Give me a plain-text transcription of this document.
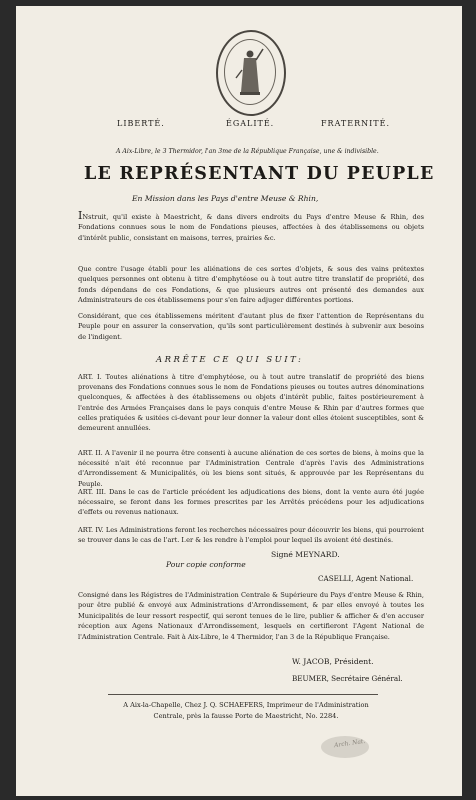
LIBERTÉ.	ÉGALITÉ.	FRATERNITÉ.
A Aix-Libre, le 3 Thermidor, l'an 3me de la République Française, une & indivisible.
LE REPRÉSENTANT DU PEUPLE
En Mission dans les Pays d'entre Meuse & Rhin,
INstruit, qu'il existe à Maestricht, & dans divers endroits du Pays d'entre Meuse & Rhin, des Fondations connues sous le nom de Fondations pieuses, affectées à des établissemens ou objets d'intérêt public, consistant en maisons, terres, prairies &c.
Que contre l'usage établi pour les aliénations de ces sortes d'objets, & sous des vains prétextes quelques personnes ont obtenu à titre d'emphytéose ou à tout autre titre translatif de propriété, des fonds dépendans de ces Fondations, & que plusieurs autres ont présenté des demandes aux Administrateurs de ces établissemens pour s'en faire adjuger différentes portions.
Considérant, que ces établissemens méritent d'autant plus de fixer l'attention de Représentans du Peuple pour en assurer la conservation, qu'ils sont particulièrement destinés à subvenir aux besoins de l'indigent.
ARRÊTE CE QUI SUIT:
ART. I. Toutes aliénations à titre d'emphytéose, ou à tout autre translatif de propriété des biens provenans des Fondations connues sous le nom de Fondations pieuses ou toutes autres dénominations quelconques, & affectées à des établissemens ou objets d'intérêt public, faites postérieurement à l'entrée des Armées Françaises dans le pays conquis d'entre Meuse & Rhin par d'autres formes que celles pratiquées & usitées ci-devant pour leur donner la valeur dont elles étoient susceptibles, sont & demeurent annullées.
ART. II. A l'avenir il ne pourra être consenti à aucune aliénation de ces sortes de biens, à moins que la nécessité n'ait été reconnue par l'Administration Centrale d'après l'avis des Administrations d'Arrondissement & Municipalités, où les biens sont situés, & approuvée par les Représentans du Peuple.
ART. III. Dans le cas de l'article précédent les adjudications des biens, dont la vente aura été jugée nécessaire, se feront dans les formes prescrites par les Arrêtés précédens pour les adjudications d'effets ou revenus nationaux.
ART. IV. Les Administrations feront les recherches nécessaires pour découvrir les biens, qui pourroient se trouver dans le cas de l'art. I.er & les rendre à l'emploi pour lequel ils avoient été destinés.
Signé MEYNARD.
Pour copie conforme
CASELLI, Agent National.
Consigné dans les Régistres de l'Administration Centrale & Supérieure du Pays d'entre Meuse & Rhin, pour être publié & envoyé aux Administrations d'Arrondissement, & par elles envoyé à toutes les Municipalités de leur ressort respectif, qui seront tenues de le lire, publier & afficher & d'en accuser réception aux Agens Nationaux d'Arrondissement, lesquels en certifieront l'Agent National de l'Administration Centrale. Fait à Aix-Libre, le 4 Thermidor, l'an 3 de la République Française.
W. JACOB, Président.
BEUMER, Secrétaire Général.
A Aix-la-Chapelle, Chez J. Q. SCHAEFERS, Imprimeur de l'Administration
Centrale, près la fausse Porte de Maestricht, No. 2284.
Arch. Nat.
